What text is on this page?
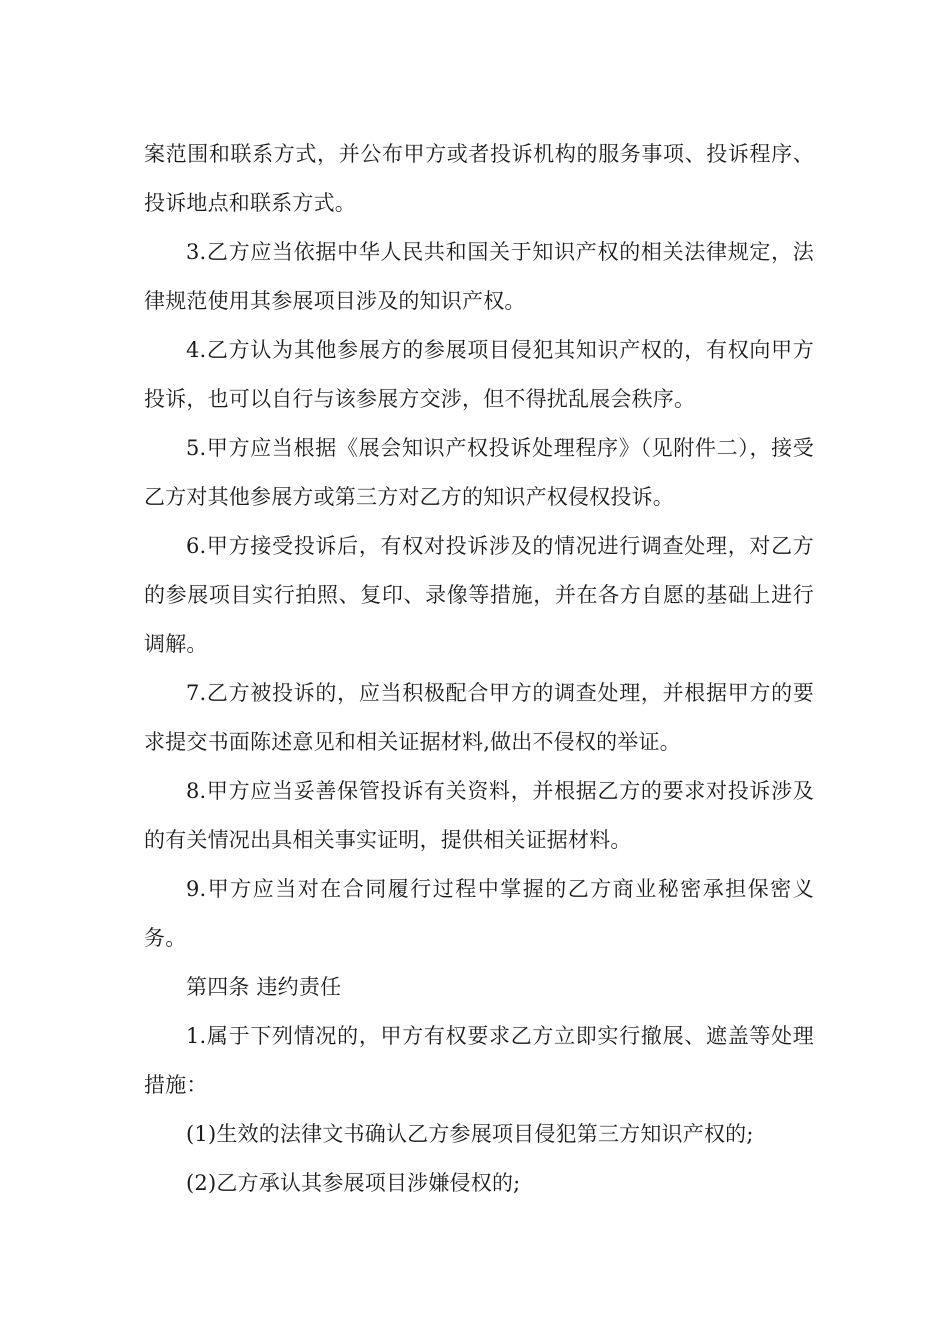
案范围和联系方式，并公布甲方或者投诉机构的服务事项、投诉程序、投诉地点和联系方式。

3.乙方应当依据中华人民共和国关于知识产权的相关法律规定，法律规范使用其参展项目涉及的知识产权。

4.乙方认为其他参展方的参展项目侵犯其知识产权的，有权向甲方投诉，也可以自行与该参展方交涉，但不得扰乱展会秩序。

5.甲方应当根据《展会知识产权投诉处理程序》（见附件二），接受乙方对其他参展方或第三方对乙方的知识产权侵权投诉。

6.甲方接受投诉后，有权对投诉涉及的情况进行调查处理，对乙方的参展项目实行拍照、复印、录像等措施，并在各方自愿的基础上进行调解。

7.乙方被投诉的，应当积极配合甲方的调查处理，并根据甲方的要求提交书面陈述意见和相关证据材料,做出不侵权的举证。

8.甲方应当妥善保管投诉有关资料，并根据乙方的要求对投诉涉及的有关情况出具相关事实证明，提供相关证据材料。

9.甲方应当对在合同履行过程中掌握的乙方商业秘密承担保密义务。

第四条 违约责任

1.属于下列情况的，甲方有权要求乙方立即实行撤展、遮盖等处理措施：

(1)生效的法律文书确认乙方参展项目侵犯第三方知识产权的;

(2)乙方承认其参展项目涉嫌侵权的;
